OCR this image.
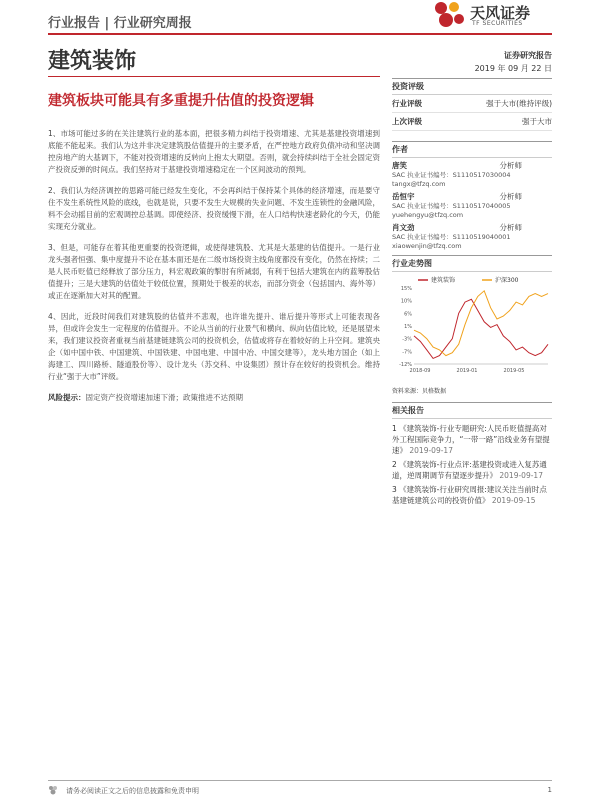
行业报告 | 行业研究周报
天风证券
TF SECURITIES
建筑装饰
建筑板块可能具有多重提升估值的投资逻辑
证券研究报告
2019 年 09 月 22 日

1、市场可能过多的在关注建筑行业的基本面，把很多精力纠结于投资增速、尤其是基建投资增速到底能不能起来。我们认为这并非决定建筑股估值提升的主要矛盾，在严控地方政府负债冲动和坚决调控房地产的大基调下，不能对投资增速的反转向上抱太大期望。否则，就会持续纠结于全社会固定资产投资反弹的时间点。我们坚持对于基建投资增速稳定在一个区间波动的预判。

2、我们认为经济调控的思路可能已经发生变化，不会再纠结于保持某个具体的经济增速，而是要守住不发生系统性风险的底线，也就是说，只要不发生大规模的失业问题、不发生连锁性的金融风险，料不会动摇目前的宏观调控总基调。即使经济、投资缓慢下滑，在人口结构快速老龄化的今天，仍能实现充分就业。

3、但是，可能存在着其他更重要的投资逻辑，或使得建筑股、尤其是大基建的估值提升。一是行业龙头强者恒强、集中度提升不论在基本面还是在二级市场投资主线角度都没有变化，仍然在持续；二是人民币贬值已经释放了部分压力，料宏观政策的掣肘有所减弱，有利于包括大建筑在内的蓝筹股估值提升；三是大建筑的估值处于较低位置，预期处于极差的状态，而部分资金（包括国内、海外等）或正在逐渐加大对其的配置。

4、因此，近段时间我们对建筑股的估值并不悲观，也许谁先提升、谁后提升等形式上可能表现各异，但或许会发生一定程度的估值提升。不论从当前的行业景气和横向、纵向估值比较，还是展望未来，我们建议投资者重视当前基建链建筑公司的投资机会，估值或将存在着较好的上升空间。建筑央企（如中国中铁、中国建筑、中国铁建、中国电建、中国中冶、中国交建等），龙头地方国企（如上海建工、四川路桥、隧道股份等）、设计龙头（苏交科、中设集团）预计存在较好的投资机会。维持行业“强于大市”评级。

风险提示：固定资产投资增速加速下滑；政策推进不达预期

投资评级
行业评级	强于大市(维持评级)
上次评级	强于大市
作者
唐笑	分析师
SAC 执业证书编号：S1110517030004
tangx@tfzq.com
岳恒宇	分析师
SAC 执业证书编号：S1110517040005
yuehengyu@tfzq.com
肖文劲	分析师
SAC 执业证书编号：S1110519040001
xiaowenjin@tfzq.com
行业走势图
建筑装饰	沪深300
15%
10%
6%
1%
-3%
-7%
-12%
2018-09	2019-01	2019-05
资料来源：贝格数据
相关报告
1 《建筑装饰-行业专题研究:人民币贬值提高对外工程国际竞争力，“一带一路”沿线业务有望提速》 2019-09-17
2 《建筑装饰-行业点评:基建投资或进入复苏通道，逆周期调节有望逐步提升》 2019-09-17
3 《建筑装饰-行业研究周报:建议关注当前时点基建链建筑公司的投资价值》 2019-09-15
请务必阅读正文之后的信息披露和免责申明	1
